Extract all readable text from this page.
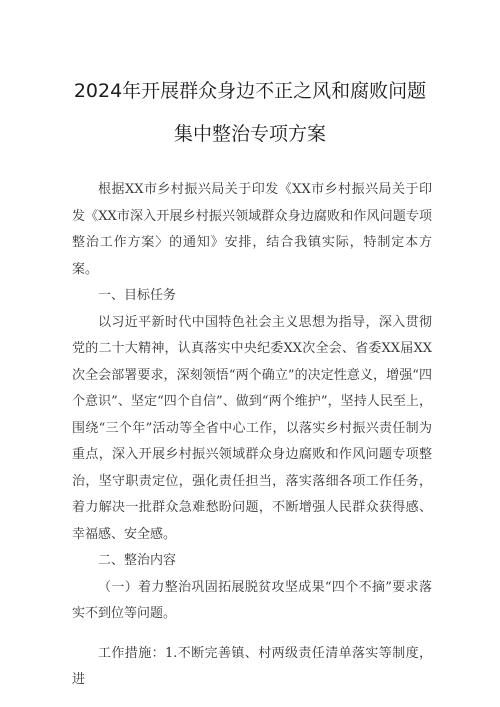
2024年开展群众身边不正之风和腐败问题
集中整治专项方案

根据XX市乡村振兴局关于印发《XX市乡村振兴局关于印发《XX市深入开展乡村振兴领域群众身边腐败和作风问题专项整治工作方案〉的通知》安排，结合我镇实际，特制定本方案。

一、目标任务

以习近平新时代中国特色社会主义思想为指导，深入贯彻党的二十大精神，认真落实中央纪委XX次全会、省委XX届XX次全会部署要求，深刻领悟“两个确立”的决定性意义，增强“四个意识”、坚定“四个自信”、做到“两个维护”，坚持人民至上，围绕“三个年”活动等全省中心工作，以落实乡村振兴责任制为重点，深入开展乡村振兴领域群众身边腐败和作风问题专项整治，坚守职责定位，强化责任担当，落实落细各项工作任务，着力解决一批群众急难愁盼问题，不断增强人民群众获得感、幸福感、安全感。

二、整治内容

（一）着力整治巩固拓展脱贫攻坚成果“四个不摘”要求落实不到位等问题。

工作措施：1.不断完善镇、村两级责任清单落实等制度，进
